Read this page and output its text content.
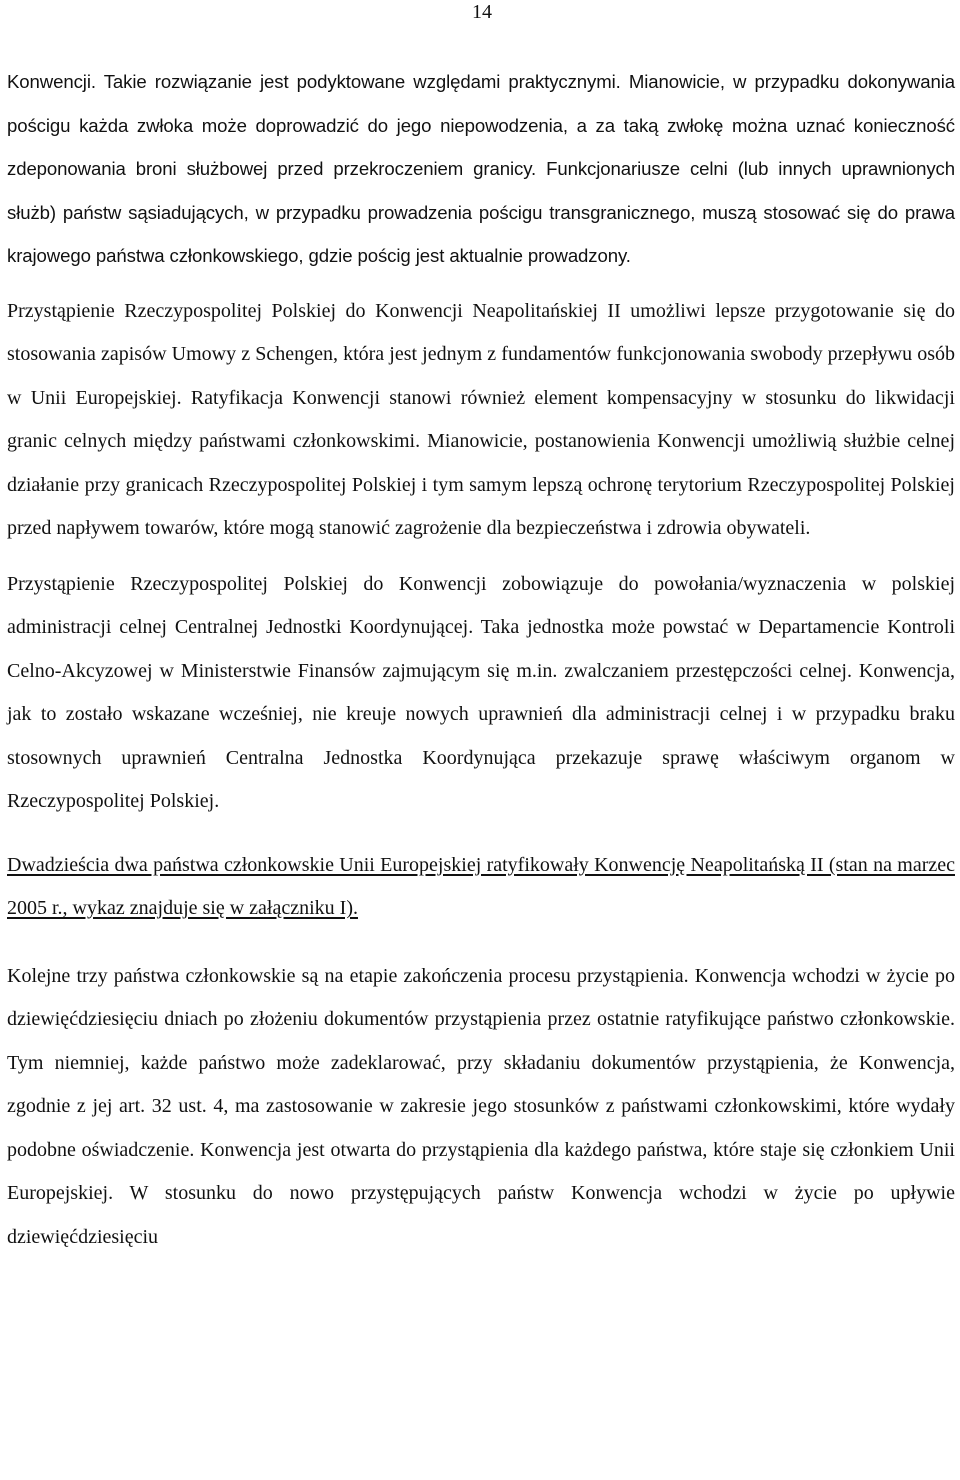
14

Konwencji. Takie rozwiązanie jest podyktowane względami praktycznymi. Mianowicie, w przypadku dokonywania pościgu każda zwłoka może doprowadzić do jego niepowodzenia, a za taką zwłokę można uznać konieczność zdeponowania broni służbowej przed przekroczeniem granicy. Funkcjonariusze celni (lub innych uprawnionych służb) państw sąsiadujących, w przypadku prowadzenia pościgu transgranicznego, muszą stosować się do prawa krajowego państwa członkowskiego, gdzie pościg jest aktualnie prowadzony.

Przystąpienie Rzeczypospolitej Polskiej do Konwencji Neapolitańskiej II umożliwi lepsze przygotowanie się do stosowania zapisów Umowy z Schengen, która jest jednym z fundamentów funkcjonowania swobody przepływu osób w Unii Europejskiej. Ratyfikacja Konwencji stanowi również element kompensacyjny w stosunku do likwidacji granic celnych między państwami członkowskimi. Mianowicie, postanowienia Konwencji umożliwią służbie celnej działanie przy granicach Rzeczypospolitej Polskiej i tym samym lepszą ochronę terytorium Rzeczypospolitej Polskiej przed napływem towarów, które mogą stanowić zagrożenie dla bezpieczeństwa i zdrowia obywateli.

Przystąpienie Rzeczypospolitej Polskiej do Konwencji zobowiązuje do powołania/wyznaczenia w polskiej administracji celnej Centralnej Jednostki Koordynującej. Taka jednostka może powstać w Departamencie Kontroli Celno-Akcyzowej w Ministerstwie Finansów zajmującym się m.in. zwalczaniem przestępczości celnej. Konwencja, jak to zostało wskazane wcześniej, nie kreuje nowych uprawnień dla administracji celnej i w przypadku braku stosownych uprawnień Centralna Jednostka Koordynująca przekazuje sprawę właściwym organom w Rzeczypospolitej Polskiej.

Dwadzieścia dwa państwa członkowskie Unii Europejskiej ratyfikowały Konwencję Neapolitańską II (stan na marzec 2005 r., wykaz znajduje się w załączniku I).

Kolejne trzy państwa członkowskie są na etapie zakończenia procesu przystąpienia. Konwencja wchodzi w życie po dziewięćdziesięciu dniach po złożeniu dokumentów przystąpienia przez ostatnie ratyfikujące państwo członkowskie. Tym niemniej, każde państwo może zadeklarować, przy składaniu dokumentów przystąpienia, że Konwencja, zgodnie z jej art. 32 ust. 4, ma zastosowanie w zakresie jego stosunków z państwami członkowskimi, które wydały podobne oświadczenie. Konwencja jest otwarta do przystąpienia dla każdego państwa, które staje się członkiem Unii Europejskiej. W stosunku do nowo przystępujących państw Konwencja wchodzi w życie po upływie dziewięćdziesięciu
